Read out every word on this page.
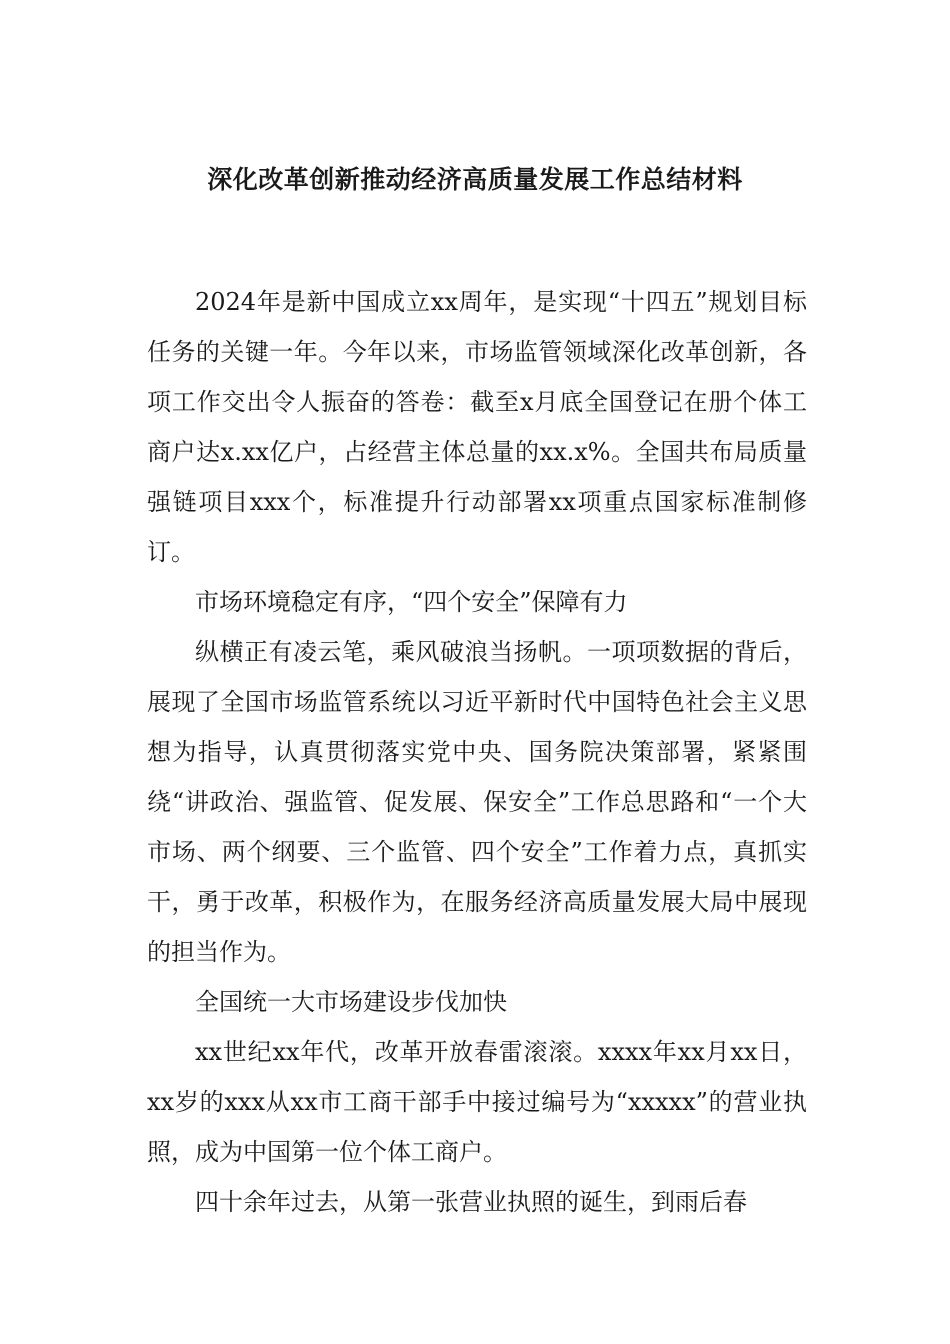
深化改革创新推动经济高质量发展工作总结材料

2024年是新中国成立xx周年，是实现“十四五”规划目标任务的关键一年。今年以来，市场监管领域深化改革创新，各项工作交出令人振奋的答卷：截至x月底全国登记在册个体工商户达x.xx亿户，占经营主体总量的xx.x%。全国共布局质量强链项目xxx个，标准提升行动部署xx项重点国家标准制修订。

市场环境稳定有序，“四个安全”保障有力

纵横正有凌云笔，乘风破浪当扬帆。一项项数据的背后，展现了全国市场监管系统以习近平新时代中国特色社会主义思想为指导，认真贯彻落实党中央、国务院决策部署，紧紧围绕“讲政治、强监管、促发展、保安全”工作总思路和“一个大市场、两个纲要、三个监管、四个安全”工作着力点，真抓实干，勇于改革，积极作为，在服务经济高质量发展大局中展现的担当作为。

全国统一大市场建设步伐加快

xx世纪xx年代，改革开放春雷滚滚。xxxx年xx月xx日，xx岁的xxx从xx市工商干部手中接过编号为“xxxxx”的营业执照，成为中国第一位个体工商户。

四十余年过去，从第一张营业执照的诞生，到雨后春
